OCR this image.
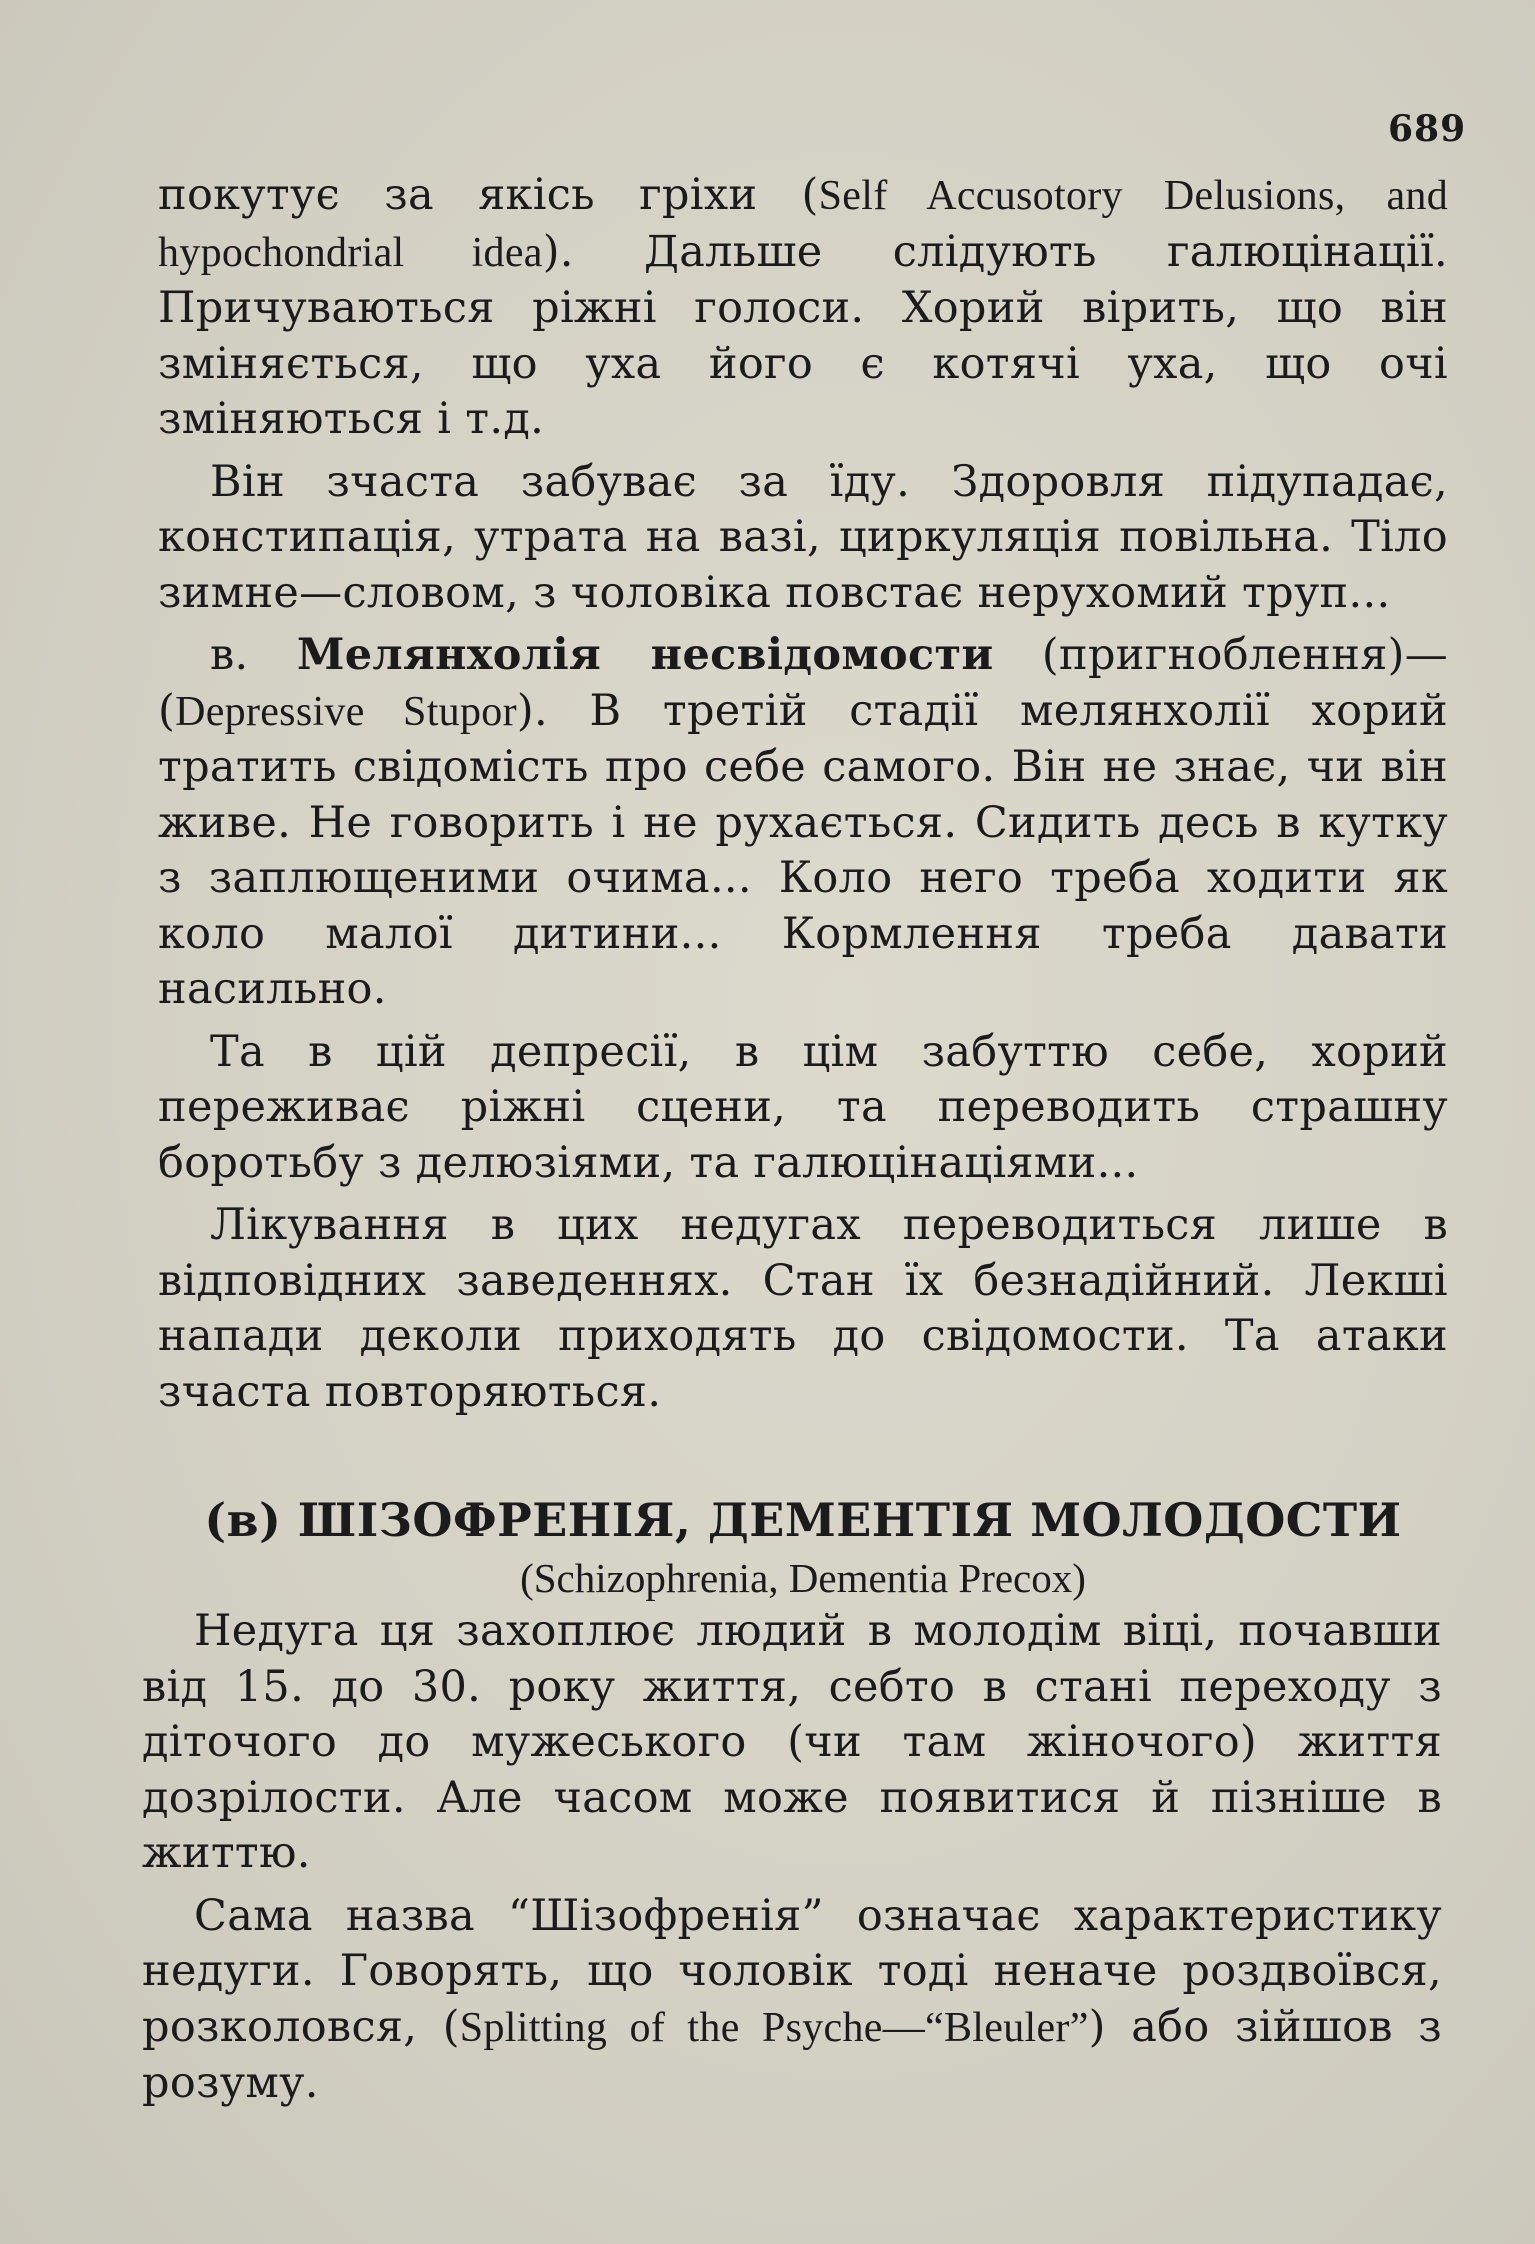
689

покутує за якісь гріхи (Self Accusotory Delusions, and hypochondrial idea). Дальше слідують галюцінації. Причуваються ріжні голоси. Хорий вірить, що він зміняється, що уха його є котячі уха, що очі зміняються і т.д.

Він зчаста забуває за їду. Здоровля підупадає, констипація, утрата на вазі, циркуляція повільна. Тіло зимне—словом, з чоловіка повстає нерухомий труп...

в. Мелянхолія несвідомости (пригноблення)—(Depressive Stupor). В третій стадії мелянхолії хорий тратить свідомість про себе самого. Він не знає, чи він живе. Не говорить і не рухається. Сидить десь в кутку з заплющеними очима... Коло него треба ходити як коло малої дитини... Кормлення треба давати насильно.

Та в цій депресії, в цім забуттю себе, хорий переживає ріжні сцени, та переводить страшну боротьбу з делюзіями, та галюцінаціями...

Лікування в цих недугах переводиться лише в відповідних заведеннях. Стан їх безнадійний. Лекші напади деколи приходять до свідомости. Та атаки зчаста повторяються.

(в) ШІЗОФРЕНІЯ, ДЕМЕНТІЯ МОЛОДОСТИ
(Schizophrenia, Dementia Precox)

Недуга ця захоплює людий в молодім віці, почавши від 15. до 30. року життя, себто в стані переходу з діточого до мужеського (чи там жіночого) життя дозрілости. Але часом може появитися й пізніше в життю.

Сама назва “Шізофренія” означає характеристику недуги. Говорять, що чоловік тоді неначе роздвоївся, розколовся, (Splitting of the Psyche—“Bleuler”) або зійшов з розуму.
